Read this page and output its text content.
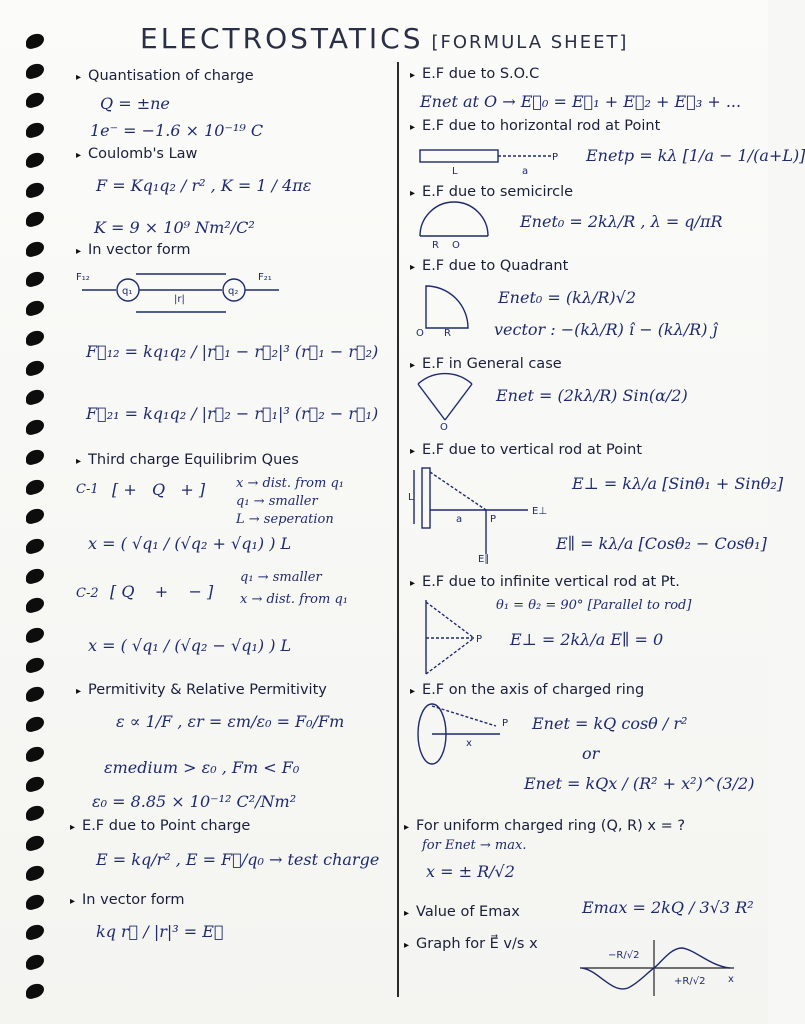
ELECTROSTATICS [FORMULA SHEET]
▸ Quantisation of charge
Q = ±ne
1e⁻ = −1.6 × 10⁻¹⁹ C
▸ Coulomb's Law
F = Kq₁q₂ / r² , K = 1 / 4πε
K = 9 × 10⁹ Nm²/C²
▸ In vector form
q₁	q₂
|r|
F₁₂	F₂₁
F⃗₁₂ = kq₁q₂ / |r⃗₁ − r⃗₂|³ (r⃗₁ − r⃗₂)
F⃗₂₁ = kq₁q₂ / |r⃗₂ − r⃗₁|³ (r⃗₂ − r⃗₁)
▸ Third charge Equilibrim Ques
C-1 [ +   Q   + ] x → dist. from q₁
q₁ → smaller
L → seperation
x = ( √q₁ / (√q₂ + √q₁) ) L
C-2 [ Q    +    − ]
q₁ → smaller
x → dist. from q₁
x = ( √q₁ / (√q₂ − √q₁) ) L
▸ Permitivity & Relative Permitivity
ε ∝ 1/F , εr = εm/ε₀ = F₀/Fm
εmedium > ε₀ , Fm < F₀
ε₀ = 8.85 × 10⁻¹² C²/Nm²
▸ E.F due to Point charge
E = kq/r² , E = F⃗/q₀ → test charge
▸ In vector form
kq r⃗ / |r|³ = E⃗
▸ E.F due to S.O.C
Enet at O → E⃗₀ = E⃗₁ + E⃗₂ + E⃗₃ + ...
▸ E.F due to horizontal rod at Point
L	a
P Enetp = kλ [1/a − 1/(a+L)]
▸ E.F due to semicircle
R O
Enet₀ = 2kλ/R , λ = q/πR
▸ E.F due to Quadrant
O R
Enet₀ = (kλ/R)√2
vector : −(kλ/R) î − (kλ/R) ĵ
▸ E.F in General case
O
Enet = (2kλ/R) Sin(α/2)
▸ E.F due to vertical rod at Point
L
a	P
E⊥
E∥
E⊥ = kλ/a [Sinθ₁ + Sinθ₂]
E∥ = kλ/a [Cosθ₂ − Cosθ₁]
▸ E.F due to infinite vertical rod at Pt.
θ₁ = θ₂ = 90° [Parallel to rod]
P E⊥ = 2kλ/a E∥ = 0
▸ E.F on the axis of charged ring
P
x
Enet = kQ cosθ / r²
or
Enet = kQx / (R² + x²)^(3/2)
▸ For uniform charged ring (Q, R) x = ?
for Enet → max.
x = ± R/√2
▸ Value of Emax	Emax = 2kQ / 3√3 R²
▸ Graph for E⃗ v/s x
−R/√2
+R/√2 x
